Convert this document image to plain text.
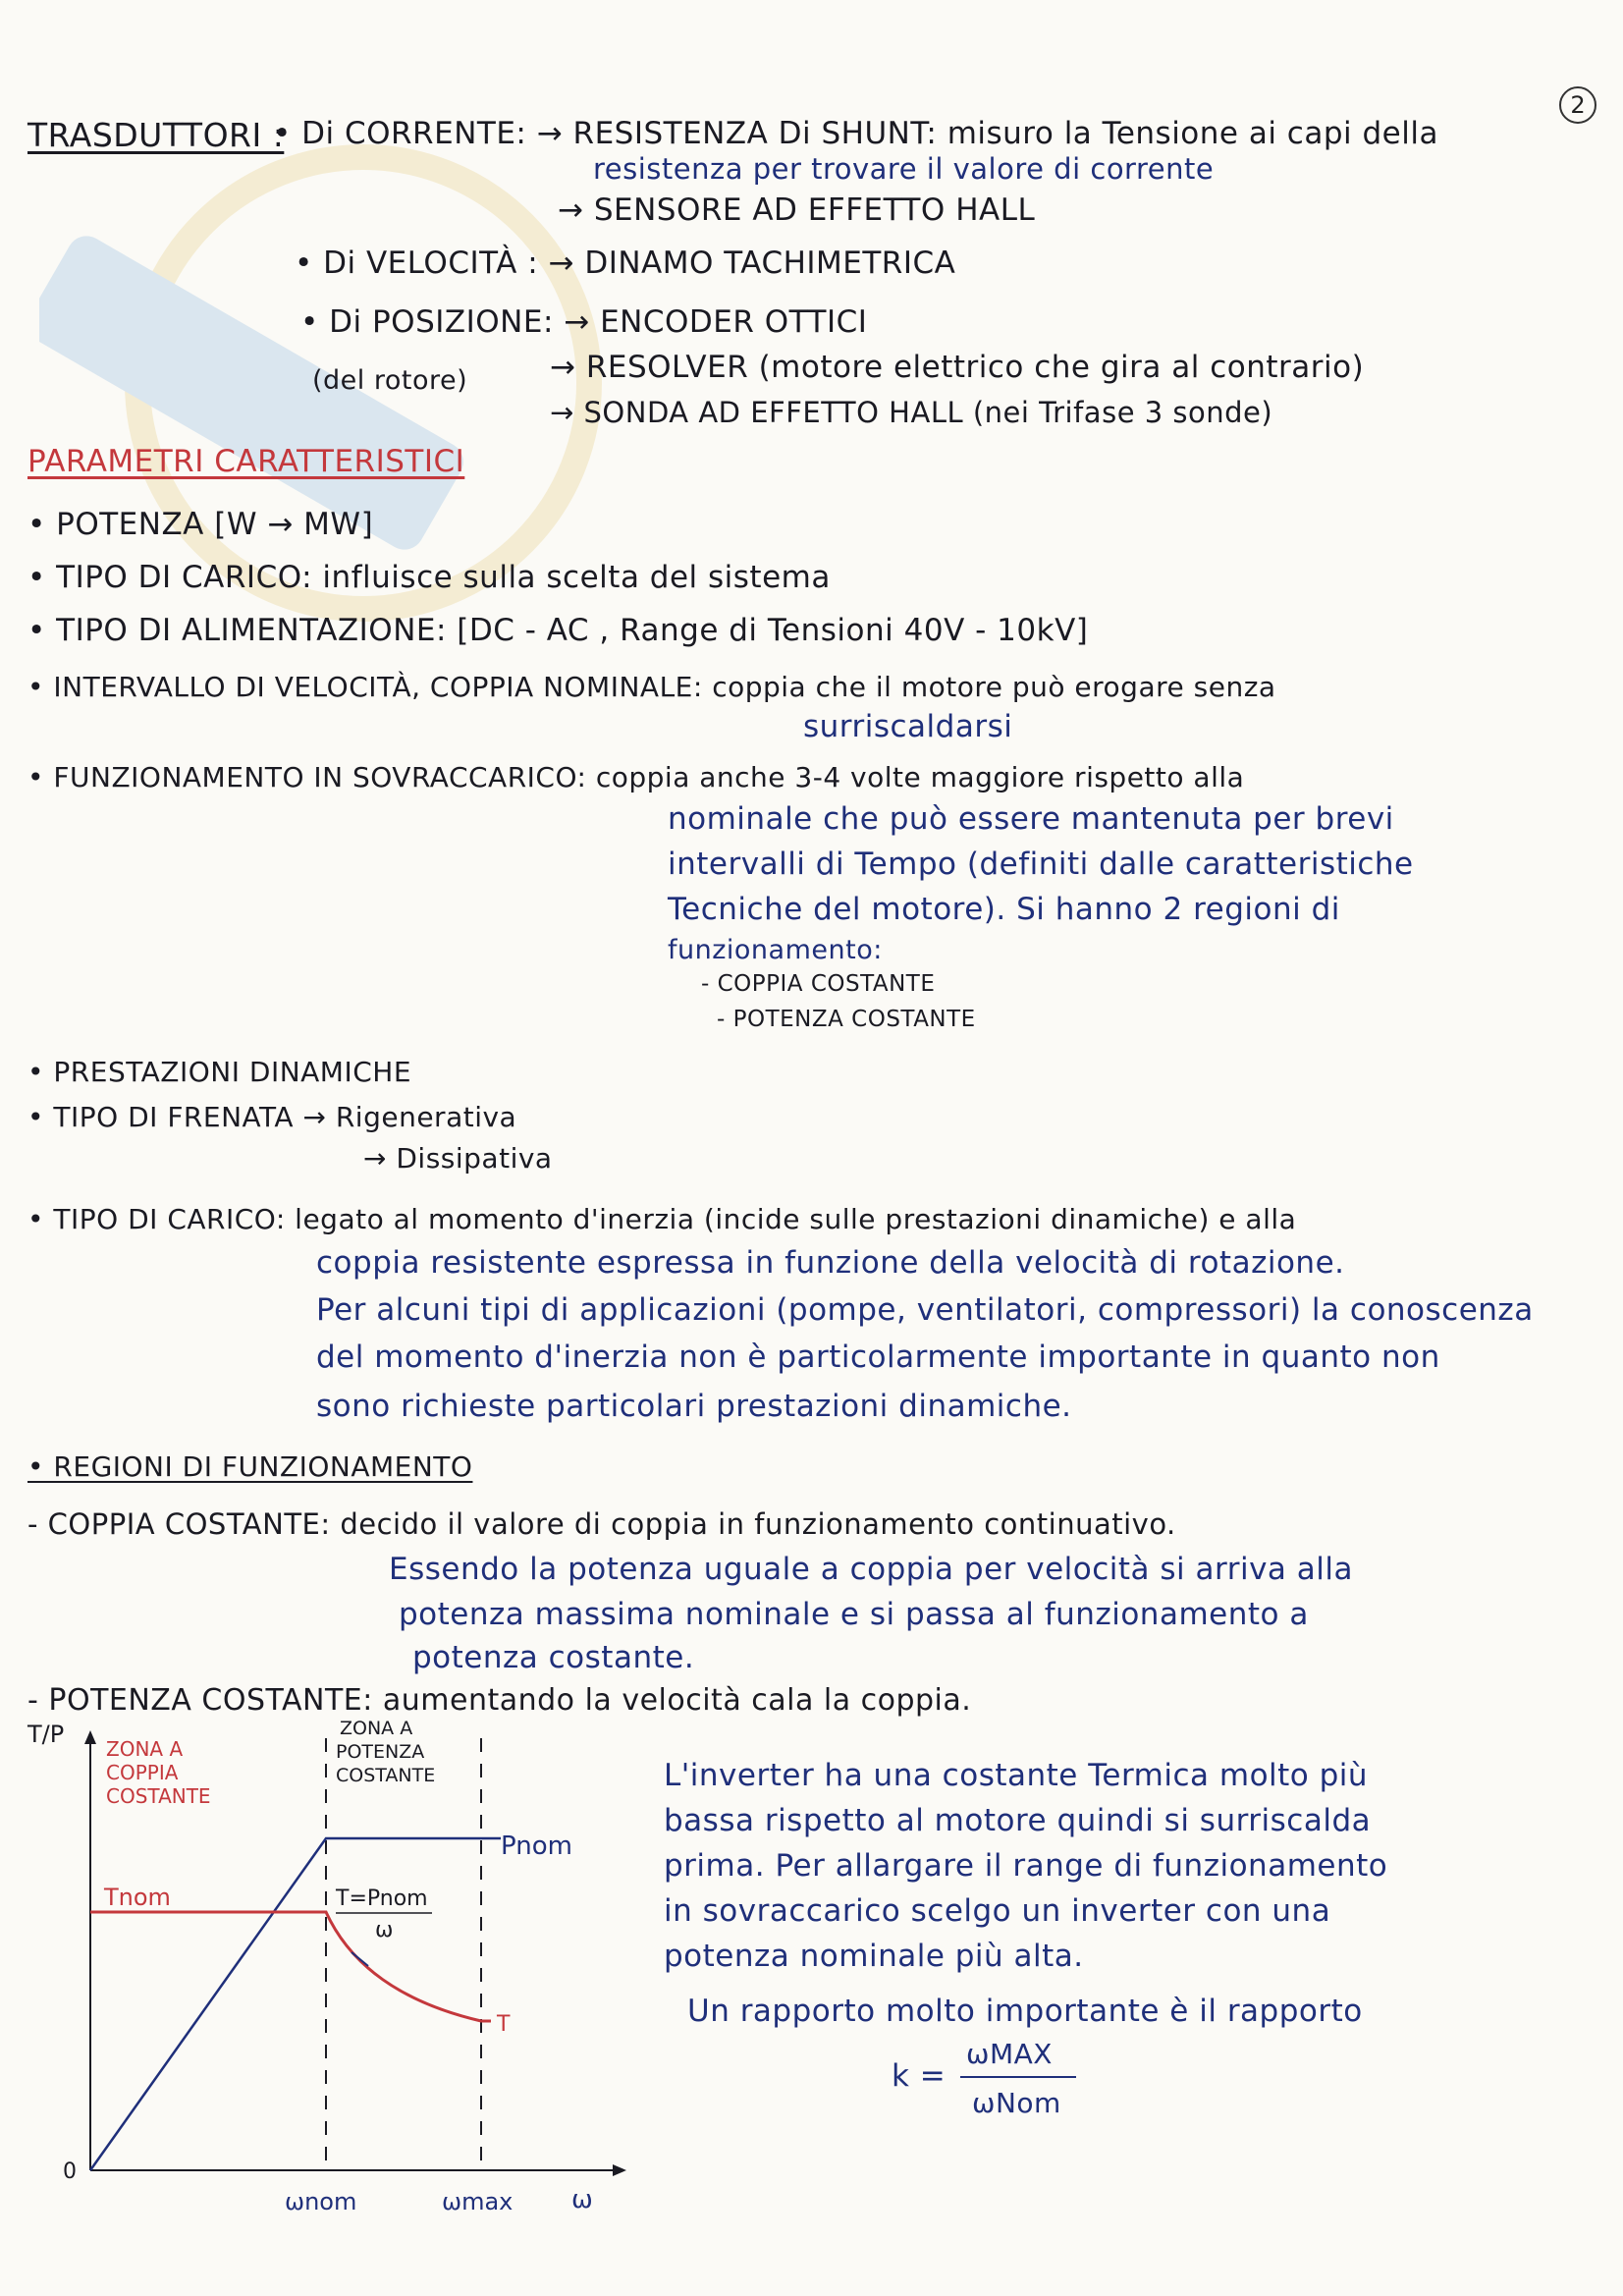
2
TRASDUTTORI :
• Di CORRENTE: → RESISTENZA Di SHUNT: misuro la Tensione ai capi della
resistenza per trovare il valore di corrente
→ SENSORE AD EFFETTO HALL
• Di VELOCITÀ : → DINAMO TACHIMETRICA
• Di POSIZIONE: → ENCODER OTTICI
(del rotore)	→ RESOLVER (motore elettrico che gira al contrario)
→ SONDA AD EFFETTO HALL (nei Trifase 3 sonde)
PARAMETRI CARATTERISTICI
• POTENZA [W → MW]
• TIPO DI CARICO: influisce sulla scelta del sistema
• TIPO DI ALIMENTAZIONE: [DC - AC , Range di Tensioni 40V - 10kV]
• INTERVALLO DI VELOCITÀ, COPPIA NOMINALE: coppia che il motore può erogare senza
surriscaldarsi
• FUNZIONAMENTO IN SOVRACCARICO: coppia anche 3-4 volte maggiore rispetto alla
nominale che può essere mantenuta per brevi
intervalli di Tempo (definiti dalle caratteristiche
Tecniche del motore). Si hanno 2 regioni di
funzionamento:
- COPPIA COSTANTE
- POTENZA COSTANTE
• PRESTAZIONI DINAMICHE
• TIPO DI FRENATA → Rigenerativa
→ Dissipativa
• TIPO DI CARICO: legato al momento d'inerzia (incide sulle prestazioni dinamiche) e alla
coppia resistente espressa in funzione della velocità di rotazione.
Per alcuni tipi di applicazioni (pompe, ventilatori, compressori) la conoscenza
del momento d'inerzia non è particolarmente importante in quanto non
sono richieste particolari prestazioni dinamiche.
• REGIONI DI FUNZIONAMENTO
- COPPIA COSTANTE: decido il valore di coppia in funzionamento continuativo.
Essendo la potenza uguale a coppia per velocità si arriva alla
potenza massima nominale e si passa al funzionamento a
potenza costante.
- POTENZA COSTANTE: aumentando la velocità cala la coppia.
L'inverter ha una costante Termica molto più
bassa rispetto al motore quindi si surriscalda
prima. Per allargare il range di funzionamento
in sovraccarico scelgo un inverter con una
potenza nominale più alta.
Un rapporto molto importante è il rapporto
k =
ωMAX
ωNom
T/P
0
ZONA A
COPPIA
COSTANTE
ZONA A
POTENZA
COSTANTE
Pnom
Tnom	T=Pnom
ω
T
ωnom	ωmax ω
